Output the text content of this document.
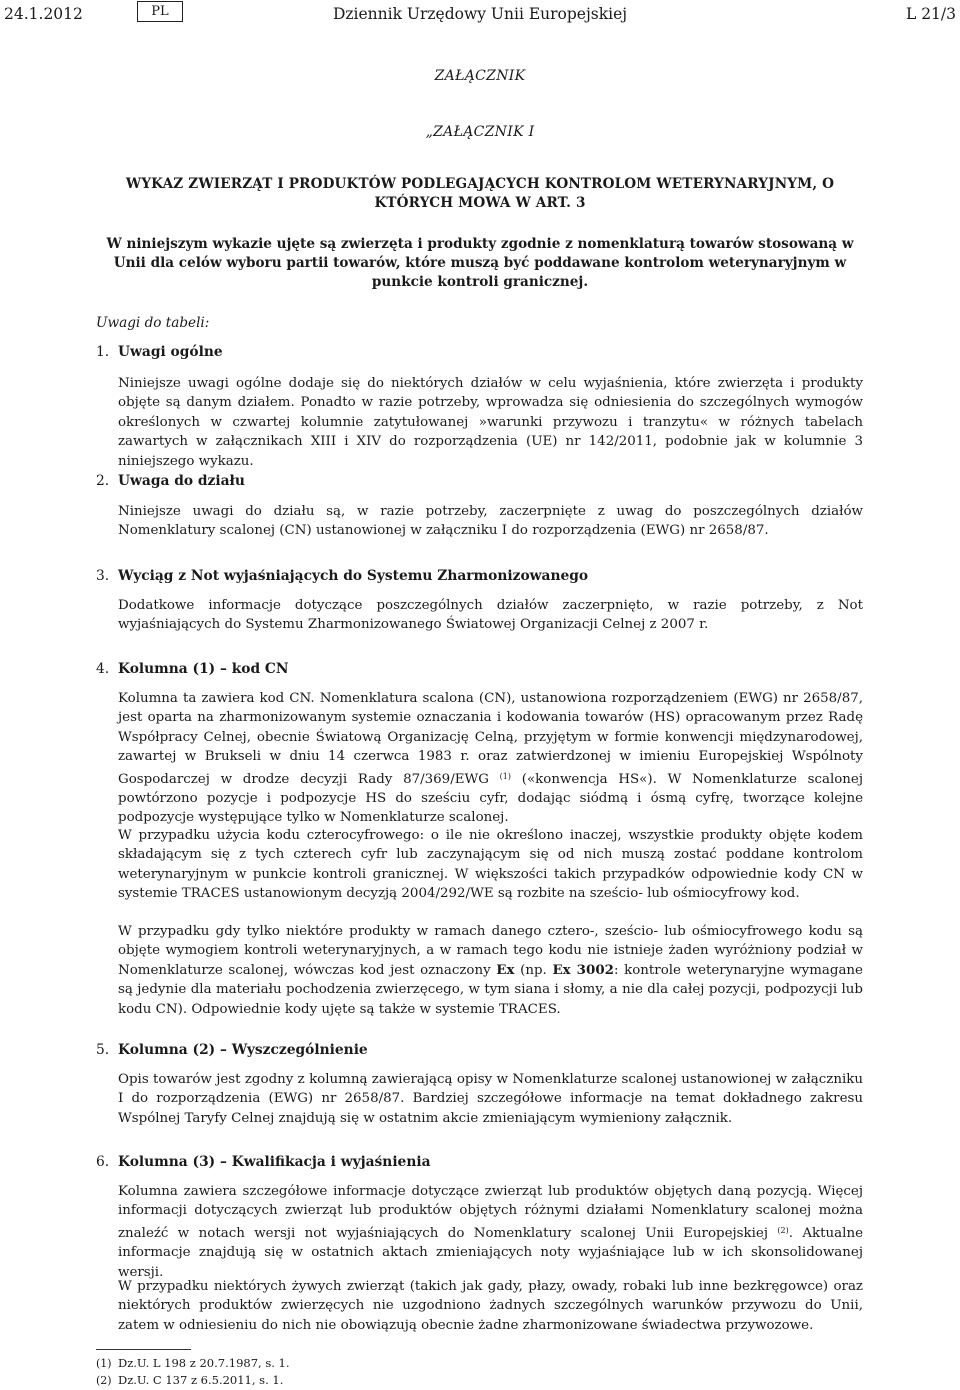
24.1.2012	PL	Dziennik Urzędowy Unii Europejskiej	L 21/3
ZAŁĄCZNIK
„ZAŁĄCZNIK I
WYKAZ ZWIERZĄT I PRODUKTÓW PODLEGAJĄCYCH KONTROLOM WETERYNARYJNYM, O KTÓRYCH MOWA W ART. 3
W niniejszym wykazie ujęte są zwierzęta i produkty zgodnie z nomenklaturą towarów stosowaną w Unii dla celów wyboru partii towarów, które muszą być poddawane kontrolom weterynaryjnym w punkcie kontroli granicznej.
Uwagi do tabeli:
1. Uwagi ogólne

Niniejsze uwagi ogólne dodaje się do niektórych działów w celu wyjaśnienia, które zwierzęta i produkty objęte są danym działem. Ponadto w razie potrzeby, wprowadza się odniesienia do szczególnych wymogów określonych w czwartej kolumnie zatytułowanej »warunki przywozu i tranzytu« w różnych tabelach zawartych w załącznikach XIII i XIV do rozporządzenia (UE) nr 142/2011, podobnie jak w kolumnie 3 niniejszego wykazu.

2. Uwaga do działu

Niniejsze uwagi do działu są, w razie potrzeby, zaczerpnięte z uwag do poszczególnych działów Nomenklatury scalonej (CN) ustanowionej w załączniku I do rozporządzenia (EWG) nr 2658/87.

3. Wyciąg z Not wyjaśniających do Systemu Zharmonizowanego

Dodatkowe informacje dotyczące poszczególnych działów zaczerpnięto, w razie potrzeby, z Not wyjaśniających do Systemu Zharmonizowanego Światowej Organizacji Celnej z 2007 r.

4. Kolumna (1) – kod CN

Kolumna ta zawiera kod CN. Nomenklatura scalona (CN), ustanowiona rozporządzeniem (EWG) nr 2658/87, jest oparta na zharmonizowanym systemie oznaczania i kodowania towarów (HS) opracowanym przez Radę Współpracy Celnej, obecnie Światową Organizację Celną, przyjętym w formie konwencji międzynarodowej, zawartej w Brukseli w dniu 14 czerwca 1983 r. oraz zatwierdzonej w imieniu Europejskiej Wspólnoty Gospodarczej w drodze decyzji Rady 87/369/EWG $^{(1)}$ («konwencja HS«). W Nomenklaturze scalonej powtórzono pozycje i podpozycje HS do sześciu cyfr, dodając siódmą i ósmą cyfrę, tworzące kolejne podpozycje występujące tylko w Nomenklaturze scalonej.

W przypadku użycia kodu czterocyfrowego: o ile nie określono inaczej, wszystkie produkty objęte kodem składającym się z tych czterech cyfr lub zaczynającym się od nich muszą zostać poddane kontrolom weterynaryjnym w punkcie kontroli granicznej. W większości takich przypadków odpowiednie kody CN w systemie TRACES ustanowionym decyzją 2004/292/WE są rozbite na sześcio- lub ośmiocyfrowy kod.

W przypadku gdy tylko niektóre produkty w ramach danego cztero-, sześcio- lub ośmiocyfrowego kodu są objęte wymogiem kontroli weterynaryjnych, a w ramach tego kodu nie istnieje żaden wyróżniony podział w Nomenklaturze scalonej, wówczas kod jest oznaczony Ex (np. Ex 3002: kontrole weterynaryjne wymagane są jedynie dla materiału pochodzenia zwierzęcego, w tym siana i słomy, a nie dla całej pozycji, podpozycji lub kodu CN). Odpowiednie kody ujęte są także w systemie TRACES.

5. Kolumna (2) – Wyszczególnienie

Opis towarów jest zgodny z kolumną zawierającą opisy w Nomenklaturze scalonej ustanowionej w załączniku I do rozporządzenia (EWG) nr 2658/87. Bardziej szczegółowe informacje na temat dokładnego zakresu Wspólnej Taryfy Celnej znajdują się w ostatnim akcie zmieniającym wymieniony załącznik.

6. Kolumna (3) – Kwalifikacja i wyjaśnienia

Kolumna zawiera szczegółowe informacje dotyczące zwierząt lub produktów objętych daną pozycją. Więcej informacji dotyczących zwierząt lub produktów objętych różnymi działami Nomenklatury scalonej można znaleźć w notach wersji not wyjaśniających do Nomenklatury scalonej Unii Europejskiej $^{(2)}$. Aktualne informacje znajdują się w ostatnich aktach zmieniających noty wyjaśniające lub w ich skonsolidowanej wersji.

W przypadku niektórych żywych zwierząt (takich jak gady, płazy, owady, robaki lub inne bezkręgowce) oraz niektórych produktów zwierzęcych nie uzgodniono żadnych szczególnych warunków przywozu do Unii, zatem w odniesieniu do nich nie obowiązują obecnie żadne zharmonizowane świadectwa przywozowe.

(1) Dz.U. L 198 z 20.7.1987, s. 1.
(2) Dz.U. C 137 z 6.5.2011, s. 1.
